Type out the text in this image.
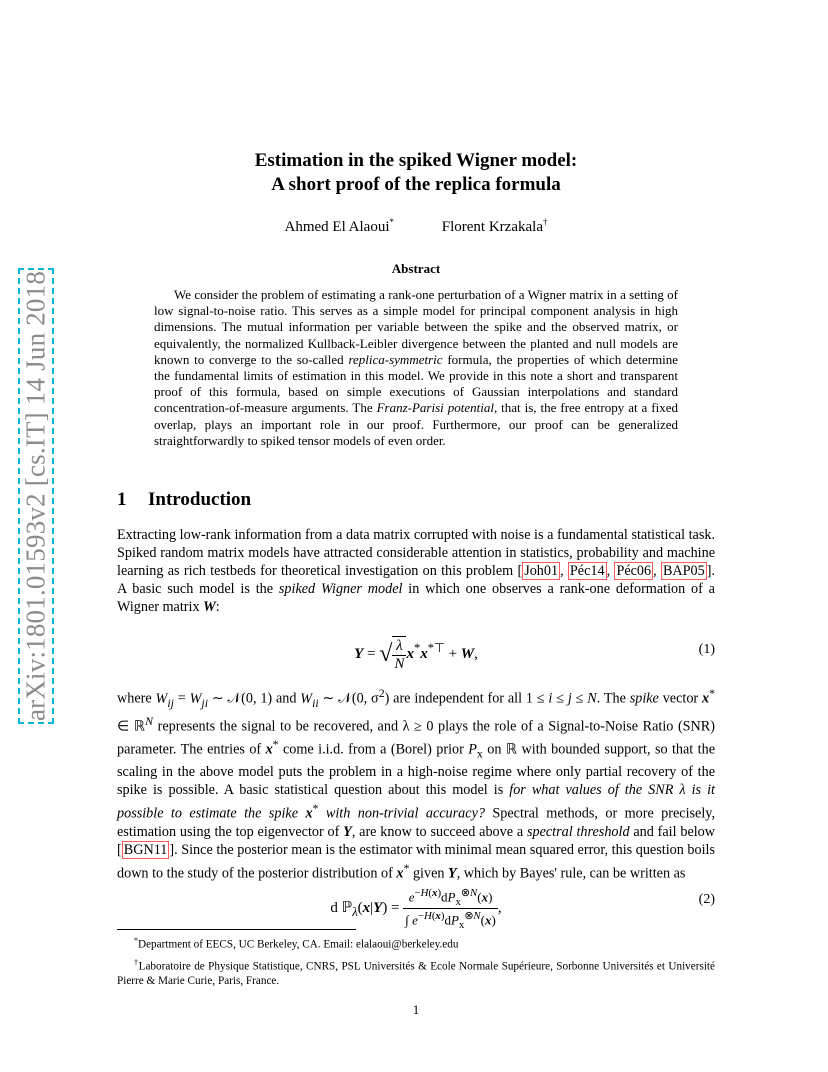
arXiv:1801.01593v2 [cs.IT] 14 Jun 2018
Estimation in the spiked Wigner model:
A short proof of the replica formula
Ahmed El Alaoui*	Florent Krzakala†
Abstract
We consider the problem of estimating a rank-one perturbation of a Wigner matrix in a setting of low signal-to-noise ratio. This serves as a simple model for principal component analysis in high dimensions. The mutual information per variable between the spike and the observed matrix, or equivalently, the normalized Kullback-Leibler divergence between the planted and null models are known to converge to the so-called replica-symmetric formula, the properties of which determine the fundamental limits of estimation in this model. We provide in this note a short and transparent proof of this formula, based on simple executions of Gaussian interpolations and standard concentration-of-measure arguments. The Franz-Parisi potential, that is, the free entropy at a fixed overlap, plays an important role in our proof. Furthermore, our proof can be generalized straightforwardly to spiked tensor models of even order.
1 Introduction
Extracting low-rank information from a data matrix corrupted with noise is a fundamental statistical task. Spiked random matrix models have attracted considerable attention in statistics, probability and machine learning as rich testbeds for theoretical investigation on this problem [ Joh01 , Péc14 , Péc06 , BAP05 ]. A basic such model is the spiked Wigner model in which one observes a rank-one deformation of a Wigner matrix W:
Y = √ $\frac{\lambda}{N} x^*x^{*⊤} + W$,	(1)
where $W_{ij} = W_{ji}$ ∼ 𝒩(0, 1) and $W_{ii}$ ∼ 𝒩(0, $\sigma^2$) are independent for all 1 ≤ i ≤ j ≤ N. The spike vector x* ∈ ℝ$^N$ represents the signal to be recovered, and λ ≥ 0 plays the role of a Signal-to-Noise Ratio (SNR) parameter. The entries of x* come i.i.d. from a (Borel) prior $P_x$ on ℝ with bounded support, so that the scaling in the above model puts the problem in a high-noise regime where only partial recovery of the spike is possible. A basic statistical question about this model is for what values of the SNR λ is it possible to estimate the spike x* with non-trivial accuracy? Spectral methods, or more precisely, estimation using the top eigenvector of Y, are know to succeed above a spectral threshold and fail below [ BGN11 ]. Since the posterior mean is the estimator with minimal mean squared error, this question boils down to the study of the posterior distribution of x* given Y, which by Bayes' rule, can be written as
d ℙ$_\lambda$(x|Y) = $\frac{e^{-H(x)}dP_x^{\otimes N}(x)}{\int e^{-H(x)}dP_x^{\otimes N}(x)}$ ,
(2)

*Department of EECS, UC Berkeley, CA. Email: elalaoui@berkeley.edu

†Laboratoire de Physique Statistique, CNRS, PSL Universités & Ecole Normale Supérieure, Sorbonne Universités et Université Pierre & Marie Curie, Paris, France.

1
